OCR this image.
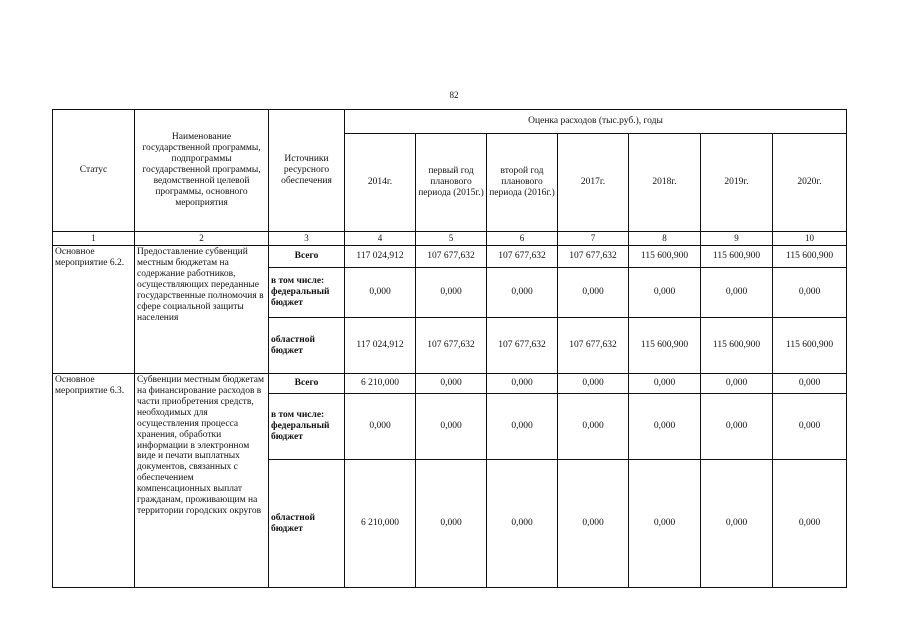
82
Статус	Наименование государственной программы, подпрограммы государственной программы, ведомственной целевой программы, основного мероприятия	Источники ресурсного обеспечения	Оценка расходов (тыс.руб.), годы						
			2014г.	первый год планового периода (2015г.)	второй год планового периода (2016г.)	2017г.	2018г.	2019г.	2020г.
1	2	3	4	5	6	7	8	9	10
Основное мероприятие 6.2.	Предоставление субвенций местным бюджетам на содержание работников, осуществляющих переданные государственные полномочия в сфере социальной защиты населения	Всего	117 024,912	107 677,632	107 677,632	107 677,632	115 600,900	115 600,900	115 600,900
		в том числе: федеральный бюджет	0,000	0,000	0,000	0,000	0,000	0,000	0,000
		областной бюджет	117 024,912	107 677,632	107 677,632	107 677,632	115 600,900	115 600,900	115 600,900
Основное мероприятие 6.3.	Субвенции местным бюджетам на финансирование расходов в части приобретения средств, необходимых для осуществления процесса хранения, обработки информации в электронном виде и печати выплатных документов, связанных с обеспечением компенсационных выплат гражданам, проживающим на территории городских округов	Всего	6 210,000	0,000	0,000	0,000	0,000	0,000	0,000
		в том числе: федеральный бюджет	0,000	0,000	0,000	0,000	0,000	0,000	0,000
		областной бюджет	6 210,000	0,000	0,000	0,000	0,000	0,000	0,000
